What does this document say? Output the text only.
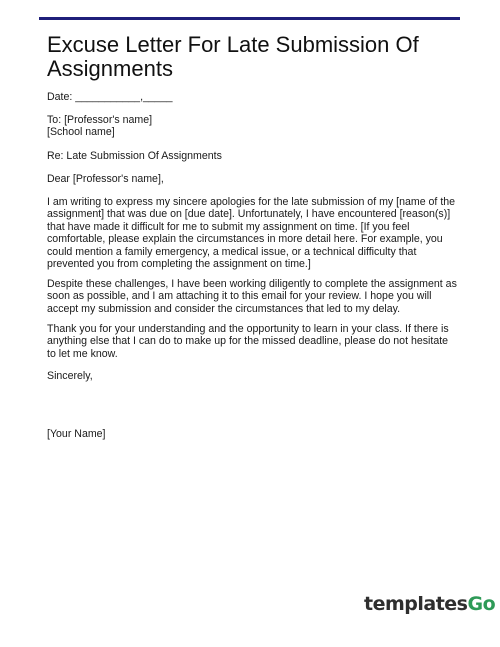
Excuse Letter For Late Submission Of Assignments

Date: ___________,_____

To: [Professor's name]
[School name]

Re: Late Submission Of Assignments

Dear [Professor's name],

I am writing to express my sincere apologies for the late submission of my [name of the assignment] that was due on [due date]. Unfortunately, I have encountered [reason(s)] that have made it difficult for me to submit my assignment on time. [If you feel comfortable, please explain the circumstances in more detail here. For example, you could mention a family emergency, a medical issue, or a technical difficulty that prevented you from completing the assignment on time.]

Despite these challenges, I have been working diligently to complete the assignment as soon as possible, and I am attaching it to this email for your review. I hope you will accept my submission and consider the circumstances that led to my delay.

Thank you for your understanding and the opportunity to learn in your class. If there is anything else that I can do to make up for the missed deadline, please do not hesitate to let me know.

Sincerely,

[Your Name]

templatesGo
